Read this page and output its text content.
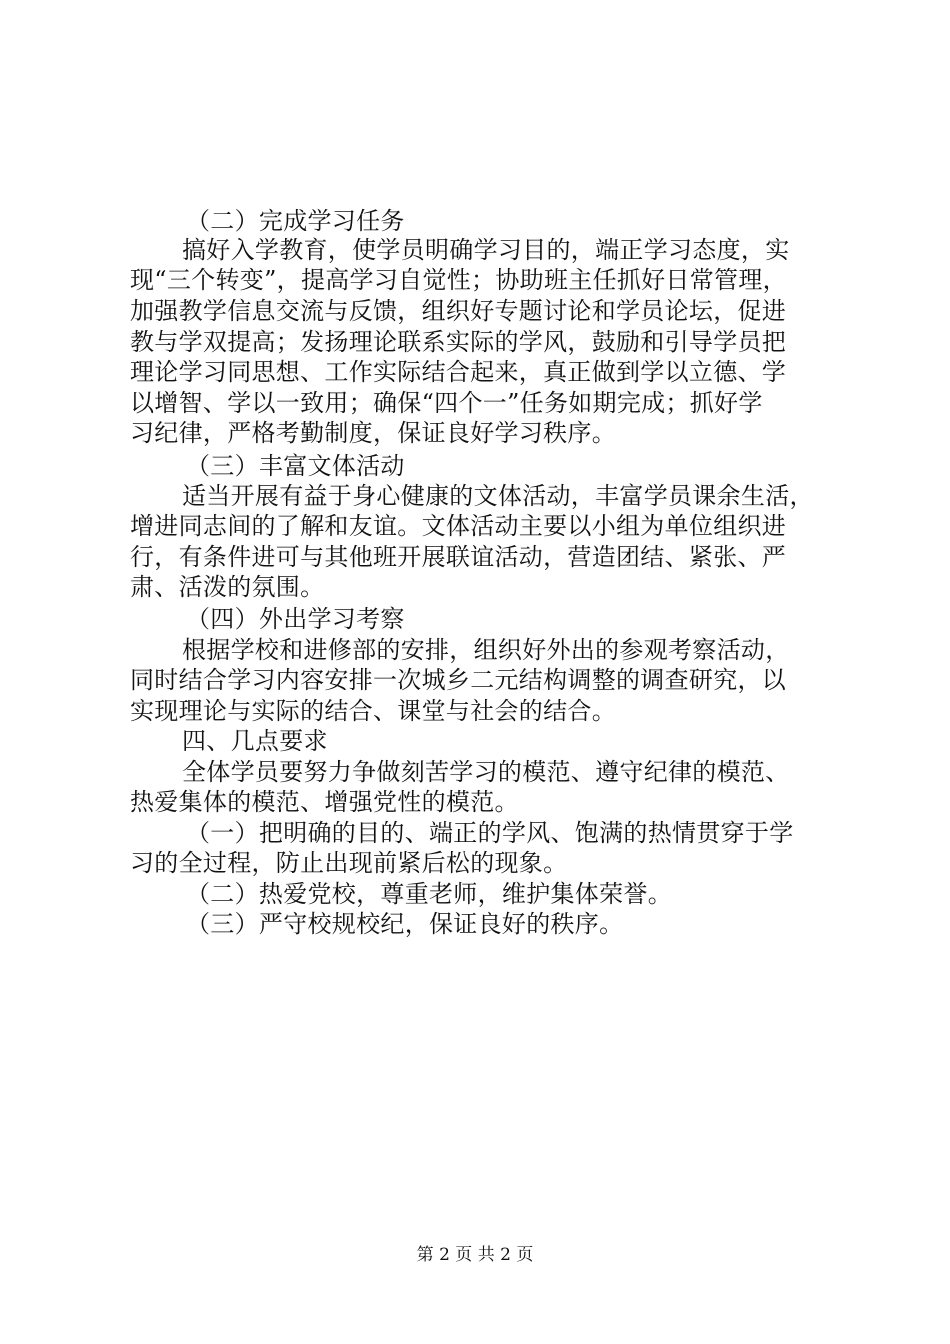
（二）完成学习任务
搞好入学教育，使学员明确学习目的，端正学习态度，实
现“三个转变”，提高学习自觉性；协助班主任抓好日常管理，
加强教学信息交流与反馈，组织好专题讨论和学员论坛，促进
教与学双提高；发扬理论联系实际的学风，鼓励和引导学员把
理论学习同思想、工作实际结合起来，真正做到学以立德、学
以增智、学以一致用；确保“四个一”任务如期完成；抓好学
习纪律，严格考勤制度，保证良好学习秩序。
（三）丰富文体活动
适当开展有益于身心健康的文体活动，丰富学员课余生活，
增进同志间的了解和友谊。文体活动主要以小组为单位组织进
行，有条件进可与其他班开展联谊活动，营造团结、紧张、严
肃、活泼的氛围。
（四）外出学习考察
根据学校和进修部的安排，组织好外出的参观考察活动，
同时结合学习内容安排一次城乡二元结构调整的调查研究，以
实现理论与实际的结合、课堂与社会的结合。
四、几点要求
全体学员要努力争做刻苦学习的模范、遵守纪律的模范、
热爱集体的模范、增强党性的模范。
（一）把明确的目的、端正的学风、饱满的热情贯穿于学
习的全过程，防止出现前紧后松的现象。
（二）热爱党校，尊重老师，维护集体荣誉。
（三）严守校规校纪，保证良好的秩序。
第 2 页 共 2 页
